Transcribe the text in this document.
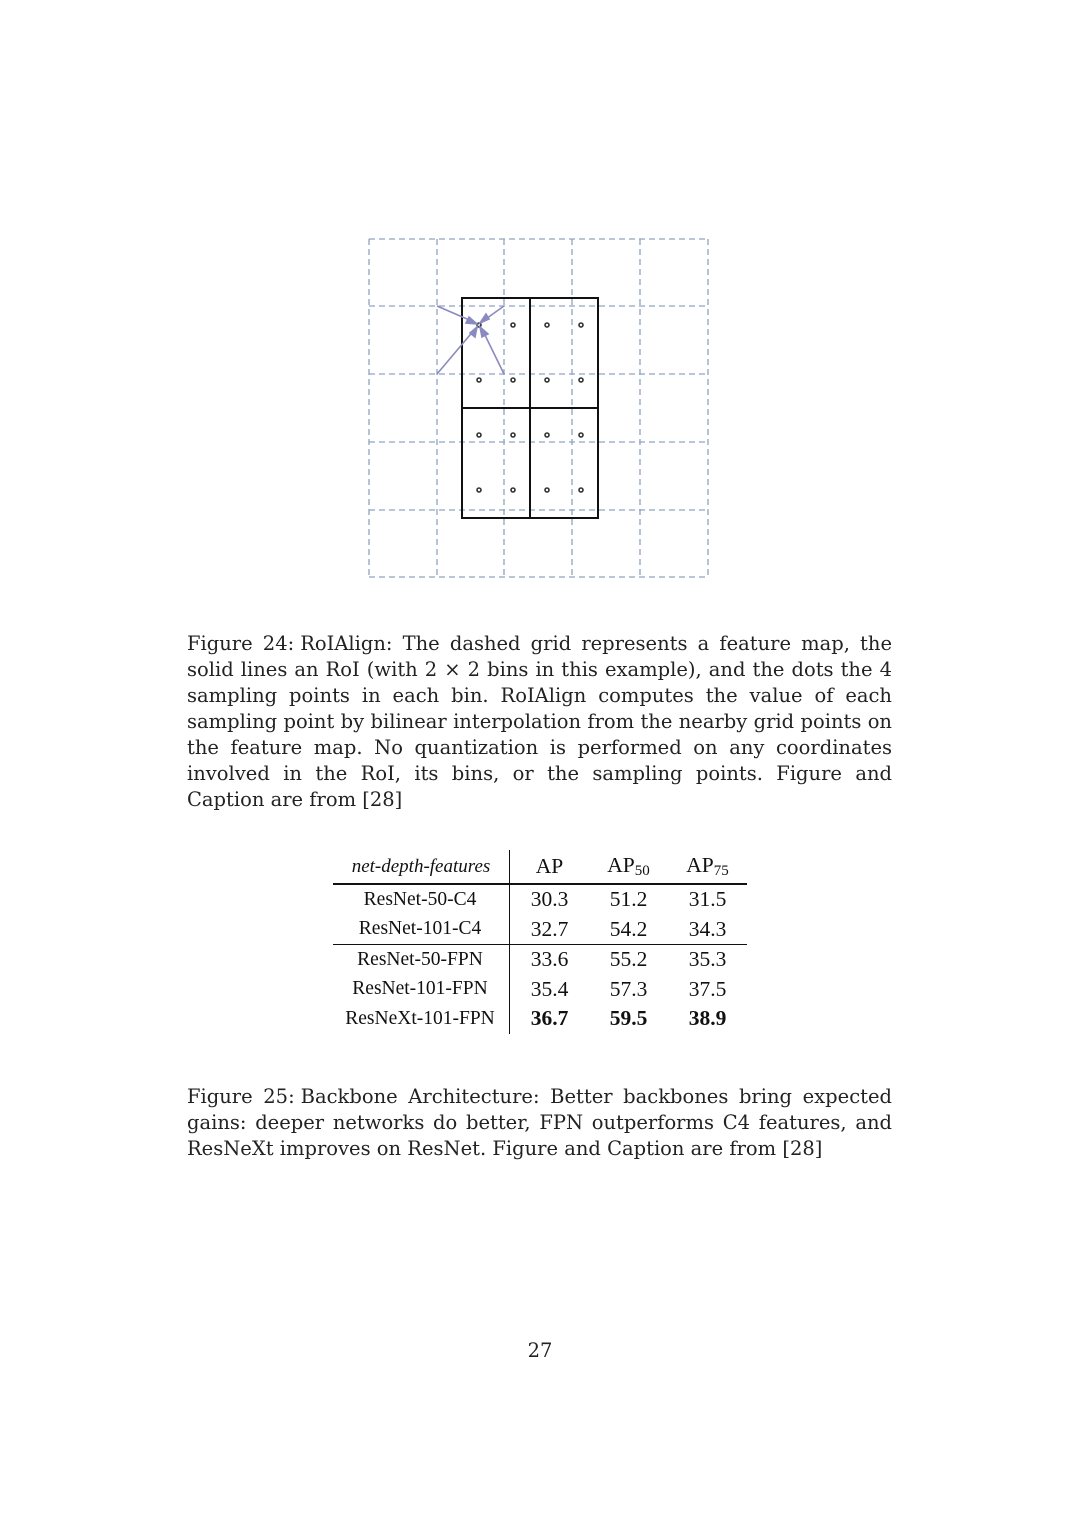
Figure 24: RoIAlign: The dashed grid represents a feature map, the solid lines an RoI (with 2 × 2 bins in this example), and the dots the 4 sampling points in each bin. RoIAlign computes the value of each sampling point by bilinear interpolation from the nearby grid points on the feature map. No quantization is performed on any coordinates involved in the RoI, its bins, or the sampling points. Figure and Caption are from [28]
net-depth-features	AP	$AP_{50}$	$AP_{75}$
ResNet-50-C4	30.3	51.2	31.5
ResNet-101-C4	32.7	54.2	34.3
ResNet-50-FPN	33.6	55.2	35.3
ResNet-101-FPN	35.4	57.3	37.5
ResNeXt-101-FPN	36.7	59.5	38.9
Figure 25: Backbone Architecture: Better backbones bring expected gains: deeper networks do better, FPN outperforms C4 features, and ResNeXt improves on ResNet. Figure and Caption are from [28]
27
